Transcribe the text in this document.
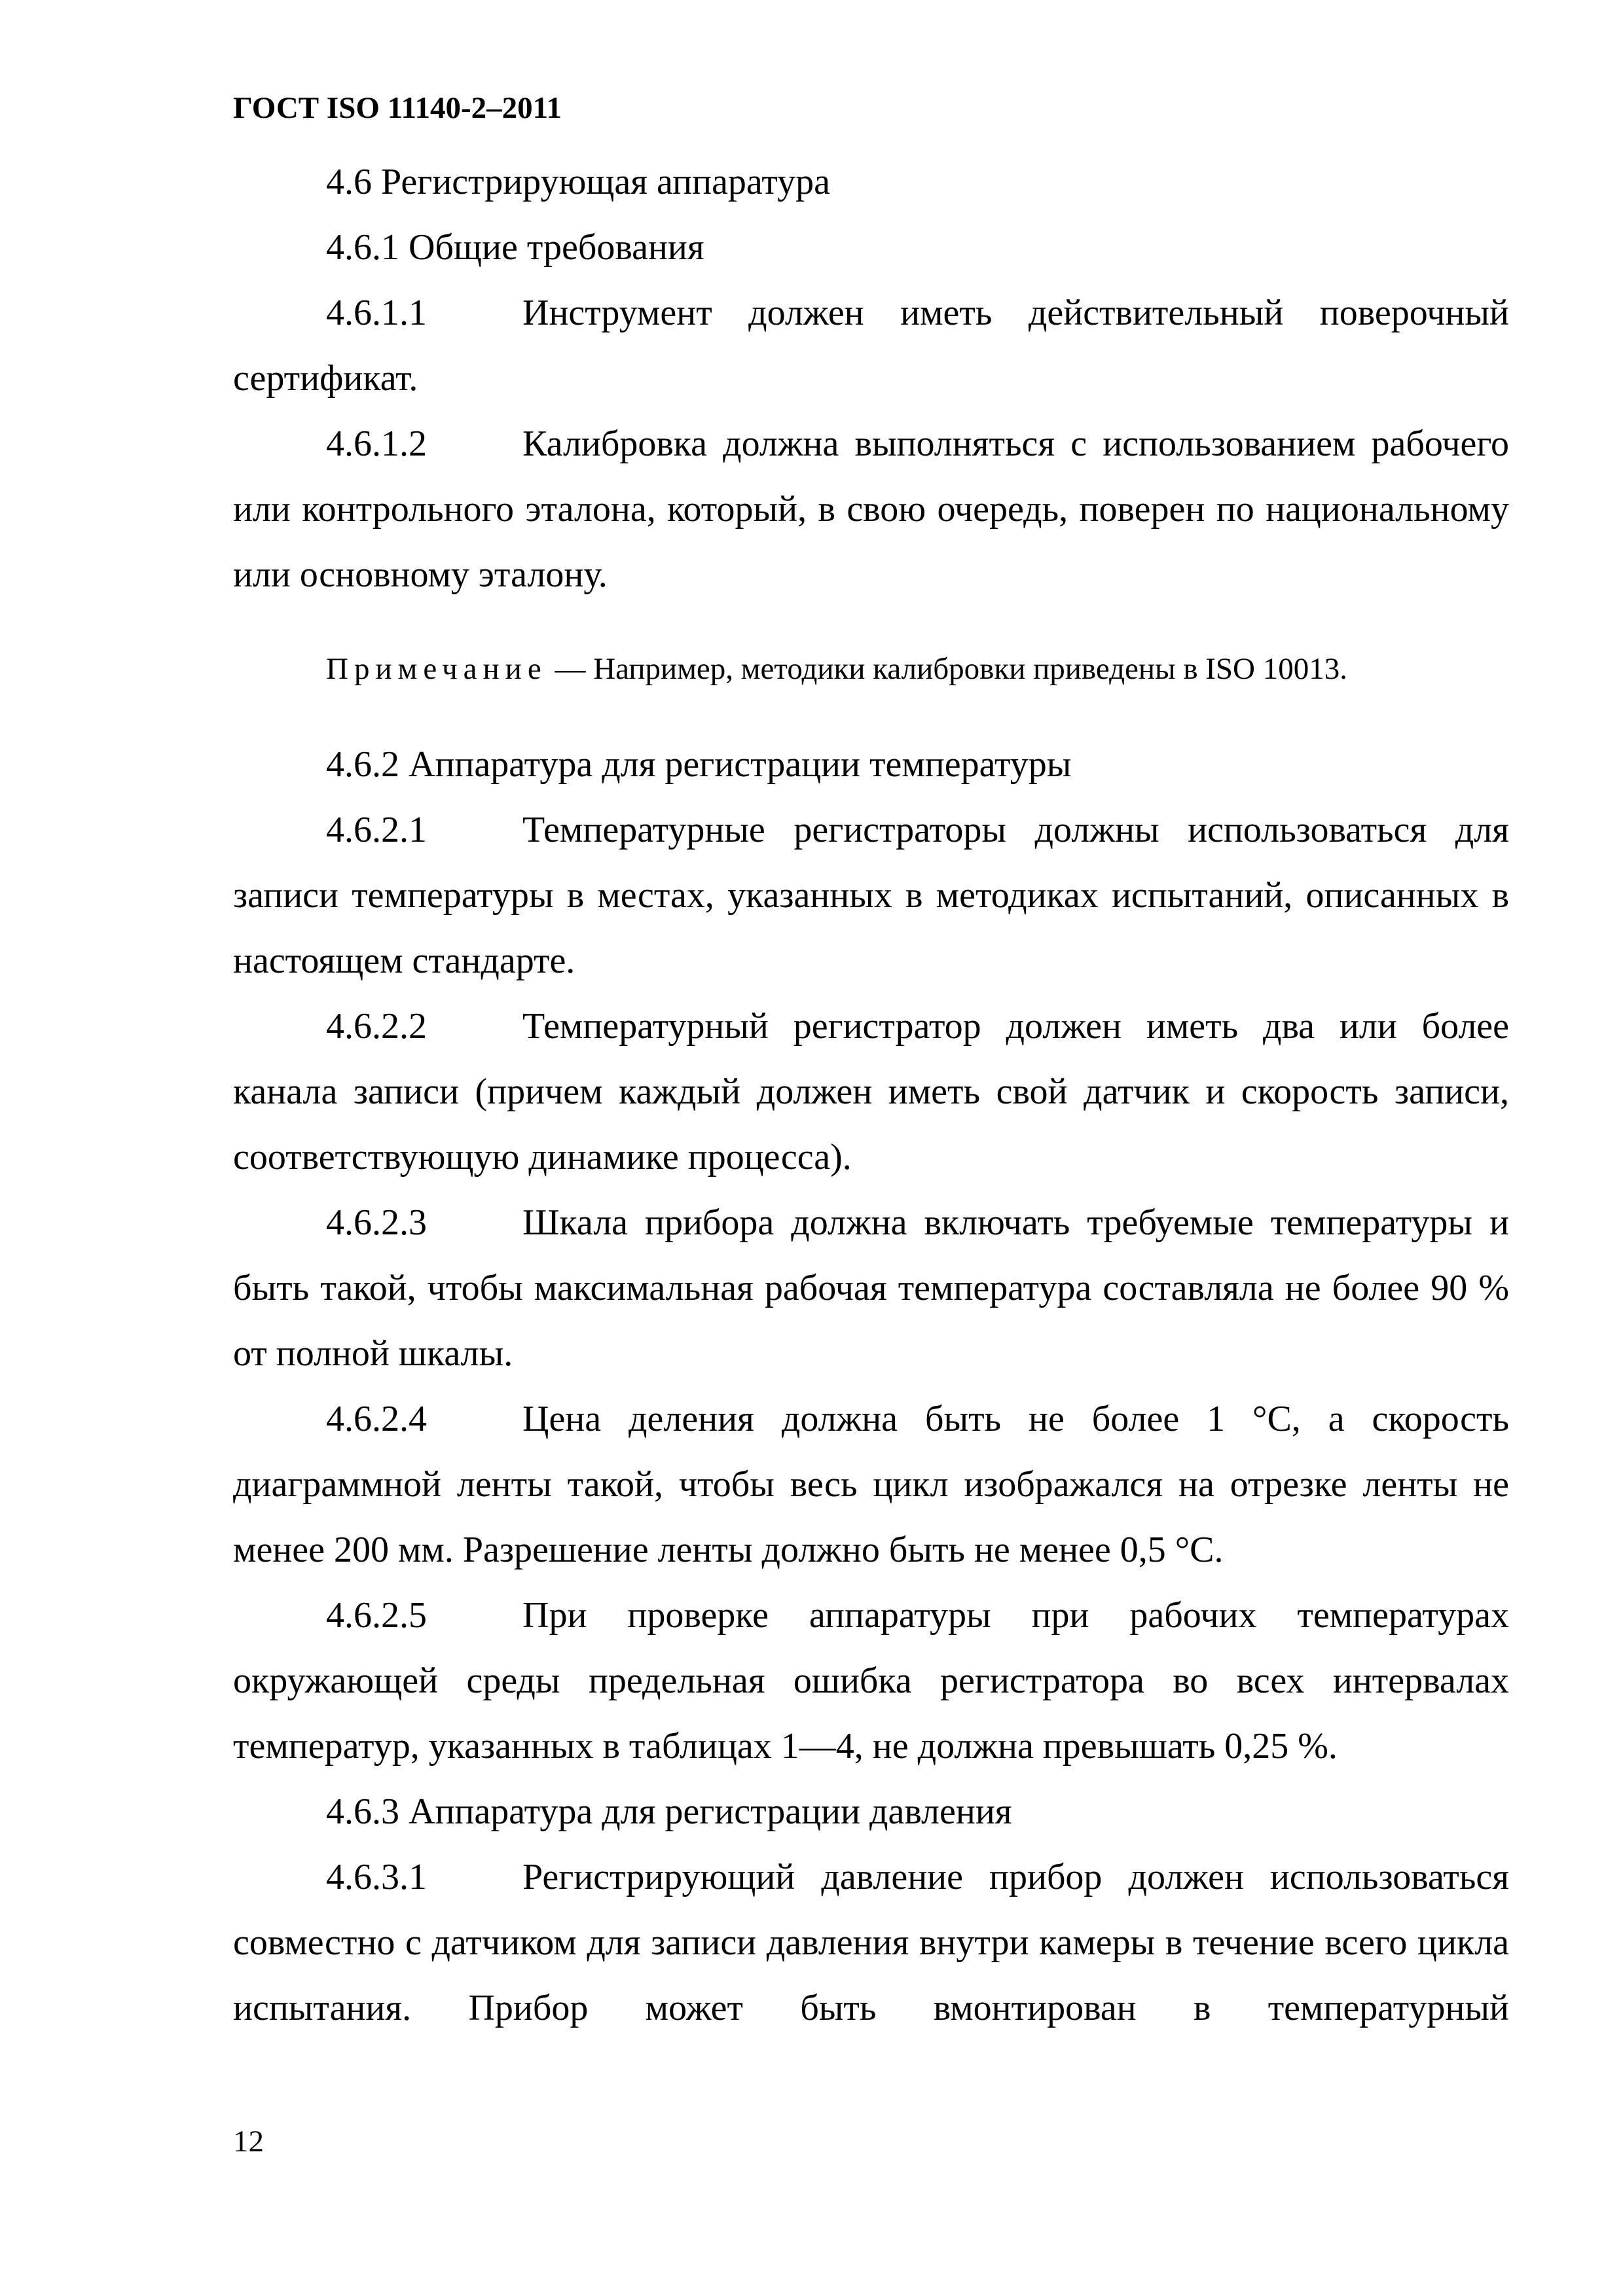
ГОСТ ISO 11140-2–2011

4.6 Регистрирующая аппаратура

4.6.1 Общие требования

4.6.1.1	Инструмент должен иметь действительный поверочный сертификат.

4.6.1.2	Калибровка должна выполняться с использованием рабочего или контрольного эталона, который, в свою очередь, поверен по национальному или основному эталону.

Примечание — Например, методики калибровки приведены в ISO 10013.

4.6.2 Аппаратура для регистрации температуры

4.6.2.1	Температурные регистраторы должны использоваться для записи температуры в местах, указанных в методиках испытаний, описанных в настоящем стандарте.

4.6.2.2	Температурный регистратор должен иметь два или более канала записи (причем каждый должен иметь свой датчик и скорость записи, соответствующую динамике процесса).

4.6.2.3	Шкала прибора должна включать требуемые температуры и быть такой, чтобы максимальная рабочая температура составляла не более 90 % от полной шкалы.

4.6.2.4	Цена деления должна быть не более 1 °С, а скорость диаграммной ленты такой, чтобы весь цикл изображался на отрезке ленты не менее 200 мм. Разрешение ленты должно быть не менее 0,5 °С.

4.6.2.5	При проверке аппаратуры при рабочих температурах окружающей среды предельная ошибка регистратора во всех интервалах температур, указанных в таблицах 1—4, не должна превышать 0,25 %.

4.6.3 Аппаратура для регистрации давления

4.6.3.1	Регистрирующий давление прибор должен использоваться совместно с датчиком для записи давления внутри камеры в течение всего цикла испытания. Прибор может быть вмонтирован в температурный

12
